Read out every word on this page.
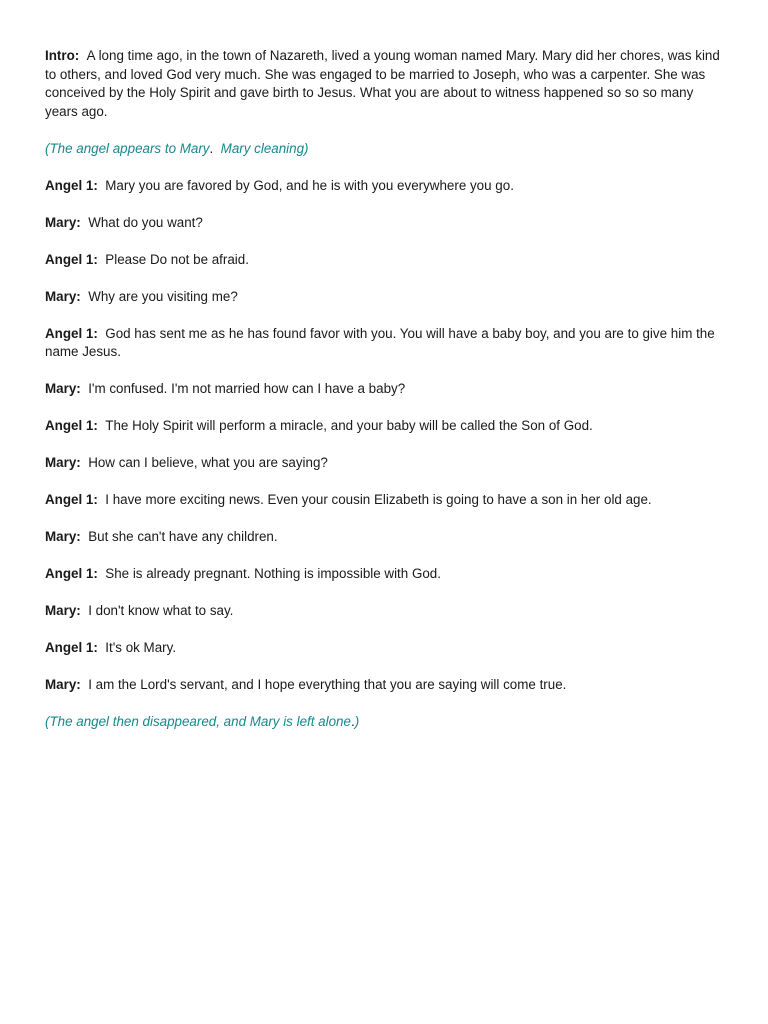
Intro: A long time ago, in the town of Nazareth, lived a young woman named Mary. Mary did her chores, was kind to others, and loved God very much. She was engaged to be married to Joseph, who was a carpenter. She was conceived by the Holy Spirit and gave birth to Jesus. What you are about to witness happened so so so many years ago.

(The angel appears to Mary.  Mary cleaning)

Angel 1: Mary you are favored by God, and he is with you everywhere you go.

Mary: What do you want?

Angel 1: Please Do not be afraid.

Mary: Why are you visiting me?

Angel 1: God has sent me as he has found favor with you. You will have a baby boy, and you are to give him the name Jesus.

Mary: I'm confused. I'm not married how can I have a baby?

Angel 1: The Holy Spirit will perform a miracle, and your baby will be called the Son of God.

Mary: How can I believe, what you are saying?

Angel 1: I have more exciting news. Even your cousin Elizabeth is going to have a son in her old age.

Mary: But she can't have any children.

Angel 1: She is already pregnant. Nothing is impossible with God.

Mary: I don't know what to say.

Angel 1: It's ok Mary.

Mary: I am the Lord's servant, and I hope everything that you are saying will come true.

(The angel then disappeared, and Mary is left alone.)
